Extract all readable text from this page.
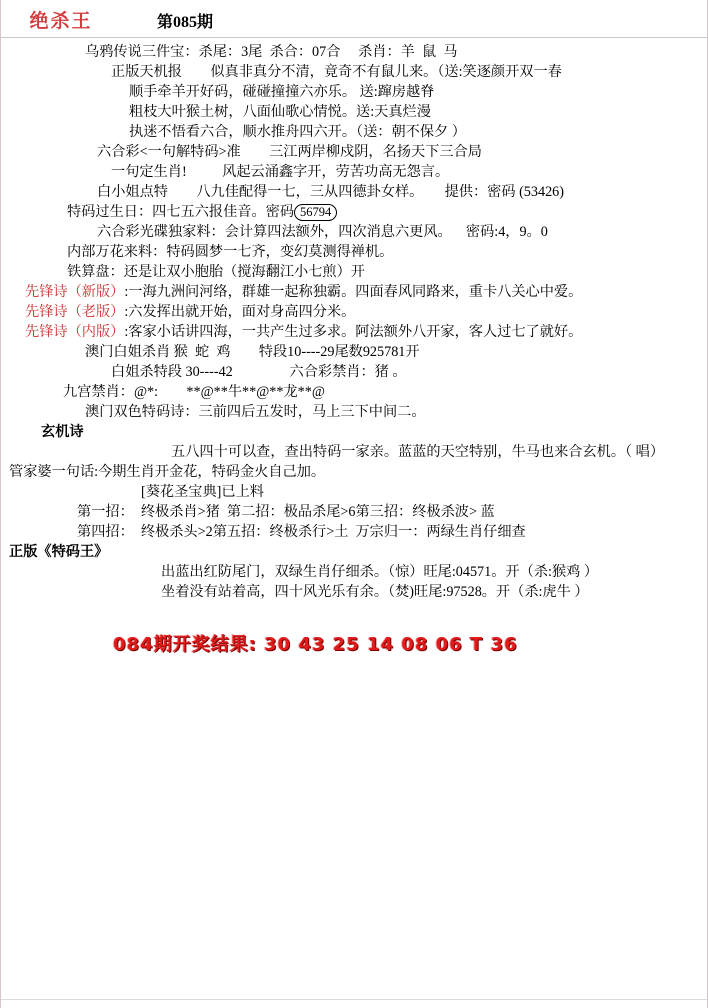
绝杀王	第085期
乌鸦传说三件宝：杀尾：3尾  杀合：07合     杀肖：羊  鼠  马
正版天机报        似真非真分不清，竟奇不有鼠儿来。（送:笑逐颜开双一春
顺手牵羊开好码，碰碰撞撞六亦乐。 送:蹿房越脊
粗枝大叶猴土树，八面仙歌心情悦。送:天真烂漫
执迷不悟看六合，顺水推舟四六开。（送：朝不保夕 ）
六合彩<一句解特码>准        三江两岸柳戍阴，名扬天下三合局
一句定生肖!          风起云涌鑫字开，劳苦功高无怨言。
白小姐点特        八九佳配得一七，三从四德卦女样。      提供：密码 (53426)
特码过生日：四七五六报佳音。密码 56794
六合彩光碟独家料：会计算四法额外，四次消息六更风。    密码:4，9。0
内部万花来料：特码圆梦一七齐，变幻莫测得禅机。
铁算盘：还是让双小胞胎（搅海翻江小七煎）开
先锋诗（新版）:一海九洲问河络，群雄一起称独霸。四面春风同路来，重卡八关心中爱。
先锋诗（老版）:六发挥出就开始，面对身高四分米。
先锋诗（内版）:客家小话讲四海，一共产生过多求。阿法额外八开家，客人过七了就好。
澳门白姐杀肖 猴  蛇  鸡        特段10----29尾数925781开
白姐杀特段 30----42                六合彩禁肖：猪 。
九宫禁肖：@*:        **@**牛**@**龙**@
澳门双色特码诗：三前四后五发时，马上三下中间二。
玄机诗
五八四十可以查，查出特码一家亲。蓝蓝的天空特别，牛马也来合玄机。（ 唱）
管家婆一句话:今期生肖开金花，特码金火自己加。
[葵花圣宝典]已上料
第一招：  终极杀肖>猪  第二招：极品杀尾>6第三招：终极杀波> 蓝
第四招：  终极杀头>2第五招：终极杀行>土  万宗归一：两绿生肖仔细查
正版《特码王》
出蓝出红防尾门，双绿生肖仔细杀。（惊）旺尾:04571。开（杀:猴鸡 ）
坐着没有站着高，四十风光乐有余。（焚)旺尾:97528。开（杀:虎牛 ）
084期开奖结果: 30 43 25 14 08 06 T 36
